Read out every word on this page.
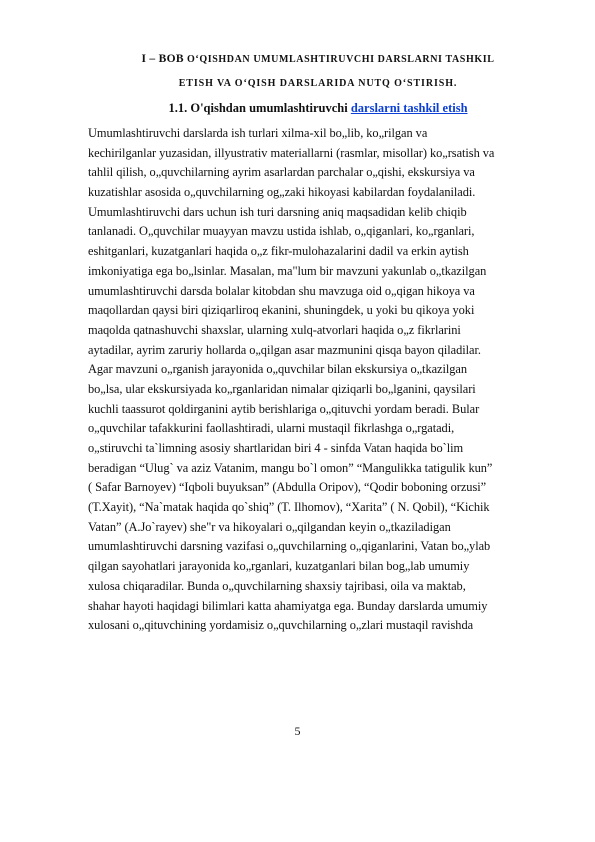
I – BOB O‘QISHDAN UMUMLASHTIRUVCHI DARSLARNI TASHKIL
ETISH VA O‘QISH DARSLARIDA NUTQ O‘STIRISH.
1.1. O'qishdan umumlashtiruvchi darslarni tashkil etish
Umumlashtiruvchi darslarda ish turlari xilma-xil bo„lib, ko„rilgan va
kechirilganlar yuzasidan, illyustrativ materiallarni (rasmlar, misollar) ko„rsatish va
tahlil qilish, o„quvchilarning ayrim asarlardan parchalar o„qishi, ekskursiya va
kuzatishlar asosida o„quvchilarning og„zaki hikoyasi kabilardan foydalaniladi.
Umumlashtiruvchi dars uchun ish turi darsning aniq maqsadidan kelib chiqib
tanlanadi. O„quvchilar muayyan mavzu ustida ishlab, o„qiganlari, ko„rganlari,
eshitganlari, kuzatganlari haqida o„z fikr-mulohazalarini dadil va erkin aytish
imkoniyatiga ega bo„lsinlar. Masalan, ma"lum bir mavzuni yakunlab o„tkazilgan
umumlashtiruvchi darsda bolalar kitobdan shu mavzuga oid o„qigan hikoya va
maqollardan qaysi biri qiziqarliroq ekanini, shuningdek, u yoki bu qikoya yoki
maqolda qatnashuvchi shaxslar, ularning xulq-atvorlari haqida o„z fikrlarini
aytadilar, ayrim zaruriy hollarda o„qilgan asar mazmunini qisqa bayon qiladilar.
Agar mavzuni o„rganish jarayonida o„quvchilar bilan ekskursiya o„tkazilgan
bo„lsa, ular ekskursiyada ko„rganlaridan nimalar qiziqarli bo„lganini, qaysilari
kuchli taassurot qoldirganini aytib berishlariga o„qituvchi yordam beradi. Bular
o„quvchilar tafakkurini faollashtiradi, ularni mustaqil fikrlashga o„rgatadi,
o„stiruvchi ta`limning asosiy shartlaridan biri 4 - sinfda Vatan haqida bo`lim
beradigan “Ulug` va aziz Vatanim, mangu bo`l omon” “Mangulikka tatigulik kun”
( Safar Barnoyev) “Iqboli buyuksan” (Abdulla Oripov), “Qodir boboning orzusi”
(T.Xayit), “Na`matak haqida qo`shiq” (T. Ilhomov), “Xarita” ( N. Qobil), “Kichik
Vatan” (A.Jo`rayev) she"r va hikoyalari o„qilgandan keyin o„tkaziladigan
umumlashtiruvchi darsning vazifasi o„quvchilarning o„qiganlarini, Vatan bo„ylab
qilgan sayohatlari jarayonida ko„rganlari, kuzatganlari bilan bog„lab umumiy
xulosa chiqaradilar. Bunda o„quvchilarning shaxsiy tajribasi, oila va maktab,
shahar hayoti haqidagi bilimlari katta ahamiyatga ega. Bunday darslarda umumiy
xulosani o„qituvchining yordamisiz o„quvchilarning o„zlari mustaqil ravishda
5
